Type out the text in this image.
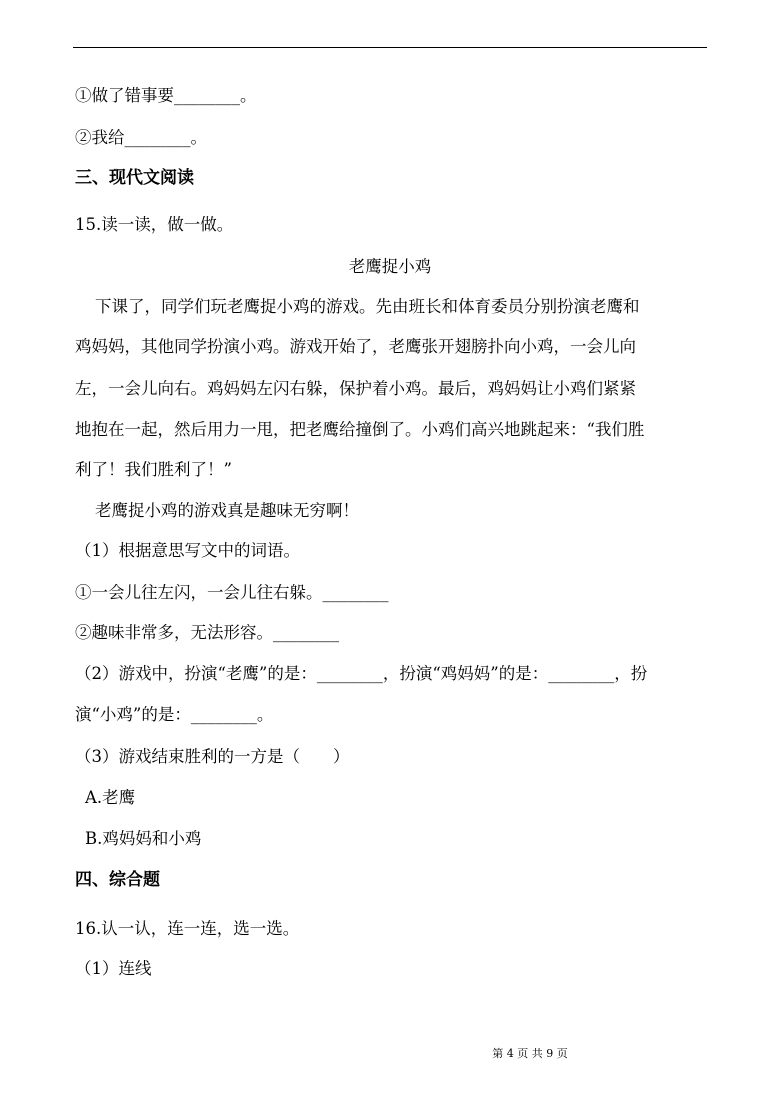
①做了错事要________。
②我给________。
三、现代文阅读
15.读一读，做一做。
老鹰捉小鸡
下课了，同学们玩老鹰捉小鸡的游戏。先由班长和体育委员分别扮演老鹰和
鸡妈妈，其他同学扮演小鸡。游戏开始了，老鹰张开翅膀扑向小鸡，一会儿向
左，一会儿向右。鸡妈妈左闪右躲，保护着小鸡。最后，鸡妈妈让小鸡们紧紧
地抱在一起，然后用力一甩，把老鹰给撞倒了。小鸡们高兴地跳起来：“我们胜
利了！我们胜利了！”
老鹰捉小鸡的游戏真是趣味无穷啊！
（1）根据意思写文中的词语。
①一会儿往左闪，一会儿往右躲。________
②趣味非常多，无法形容。________
（2）游戏中，扮演“老鹰”的是：________，扮演“鸡妈妈”的是：________，扮
演“小鸡”的是：________。
（3）游戏结束胜利的一方是（　　）
A.老鹰
B.鸡妈妈和小鸡
四、综合题
16.认一认，连一连，选一选。
（1）连线
第 4 页 共 9 页
